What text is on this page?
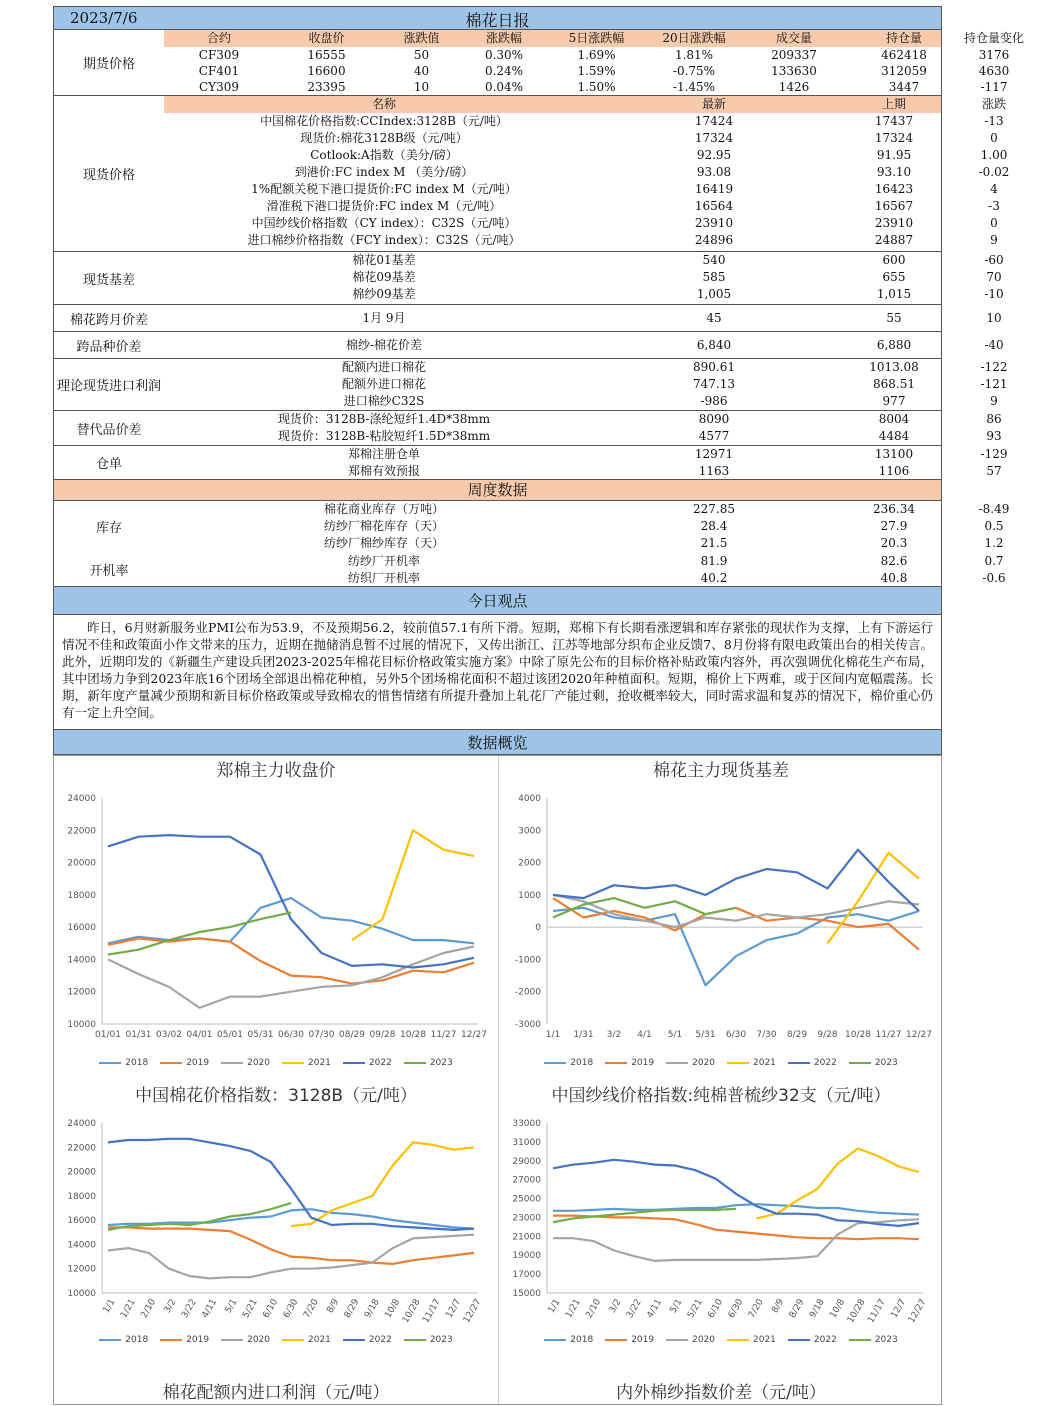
2023/7/6	棉花日报
期货价格
合约	收盘价	涨跌值	涨跌幅	5日涨跌幅	20日涨跌幅	成交量	持仓量	持仓量变化
CF309	16555	50	0.30%	1.69%	1.81%	209337	462418	3176
CF401	16600	40	0.24%	1.59%	-0.75%	133630	312059	4630
CY309	23395	10	0.04%	1.50%	-1.45%	1426	3447	-117
现货价格
名称	最新	上期	涨跌
中国棉花价格指数:CCIndex:3128B（元/吨）	17424	17437	-13
现货价:棉花3128B级（元/吨）	17324	17324	0
Cotlook:A指数（美分/磅）	92.95	91.95	1.00
到港价:FC index M （美分/磅）	93.08	93.10	-0.02
1%配额关税下港口提货价:FC index M（元/吨）	16419	16423	4
滑准税下港口提货价:FC index M（元/吨）	16564	16567	-3
中国纱线价格指数（CY index）：C32S（元/吨）	23910	23910	0
进口棉纱价格指数（FCY index）：C32S（元/吨）	24896	24887	9
现货基差
棉花01基差	540	600	-60
棉花09基差	585	655	70
棉纱09基差	1,005	1,015	-10
棉花跨月价差	1月 9月	45	55	10
跨品种价差	棉纱-棉花价差	6,840	6,880	-40
理论现货进口利润
配额内进口棉花	890.61	1013.08	-122
配额外进口棉花	747.13	868.51	-121
进口棉纱C32S	-986	977	9
替代品价差
现货价：3128B-涤纶短纤1.4D*38mm	8090	8004	86
现货价：3128B-粘胶短纤1.5D*38mm	4577	4484	93
仓单
郑棉注册仓单	12971	13100	-129
郑棉有效预报	1163	1106	57
周度数据
库存
开机率
棉花商业库存（万吨）	227.85	236.34	-8.49
纺纱厂棉花库存（天）	28.4	27.9	0.5
纺纱厂棉纱库存（天）	21.5	20.3	1.2
纺纱厂开机率	81.9	82.6	0.7
纺织厂开机率	40.2	40.8	-0.6
今日观点
昨日，6月财新服务业PMI公布为53.9，不及预期56.2，较前值57.1有所下滑。短期，郑棉下有长期看涨逻辑和库存紧张的现状作为支撑，上有下游运行情况不佳和政策面小作文带来的压力，近期在抛储消息暂不过展的情况下，又传出浙江、江苏等地部分织布企业反馈7、8月份将有限电政策出台的相关传言。此外，近期印发的《新疆生产建设兵团2023-2025年棉花目标价格政策实施方案》中除了原先公布的目标价格补贴政策内容外，再次强调优化棉花生产布局，其中团场力争到2023年底16个团场全部退出棉花种植，另外5个团场棉花面积不超过该团2020年种植面积。短期，棉价上下两难，或于区间内宽幅震荡。长期，新年度产量减少预期和新目标价格政策或导致棉农的惜售情绪有所提升叠加上轧花厂产能过剩，抢收概率较大，同时需求温和复苏的情况下，棉价重心仍有一定上升空间。
数据概览
郑棉主力收盘价
10000
12000
14000
16000
18000
20000
22000
24000
01/01 01/31 03/02 04/01 05/01 05/31 06/30 07/30 08/29 09/28 10/28 11/27 12/27
2018	2019	2020	2021	2022	2023
棉花主力现货基差
-3000
-2000
-1000
0
1000
2000
3000
4000
1/1 1/31 3/2 4/1 5/1 5/31 6/30 7/30 8/29 9/28 10/28 11/27 12/27
2018	2019	2020	2021	2022	2023
中国棉花价格指数：3128B（元/吨）
10000
12000
14000
16000
18000
20000
22000
24000
1/1 1/21 2/10 3/2 3/22 4/11 5/1 5/21 6/10 6/30 7/20 8/9 8/29 9/18 10/8
10/28
11/17 12/7
12/27
2018	2019	2020	2021	2022	2023
中国纱线价格指数:纯棉普梳纱32支（元/吨）
15000
17000
19000
21000
23000
25000
27000
29000
31000
33000
1/1 1/21 2/10 3/2 3/22 4/11 5/1 5/21 6/10 6/30 7/20 8/9 8/29 9/18 10/8
10/28
11/17 12/7
12/27
2018	2019	2020	2021	2022	2023
棉花配额内进口利润（元/吨）	内外棉纱指数价差（元/吨）
